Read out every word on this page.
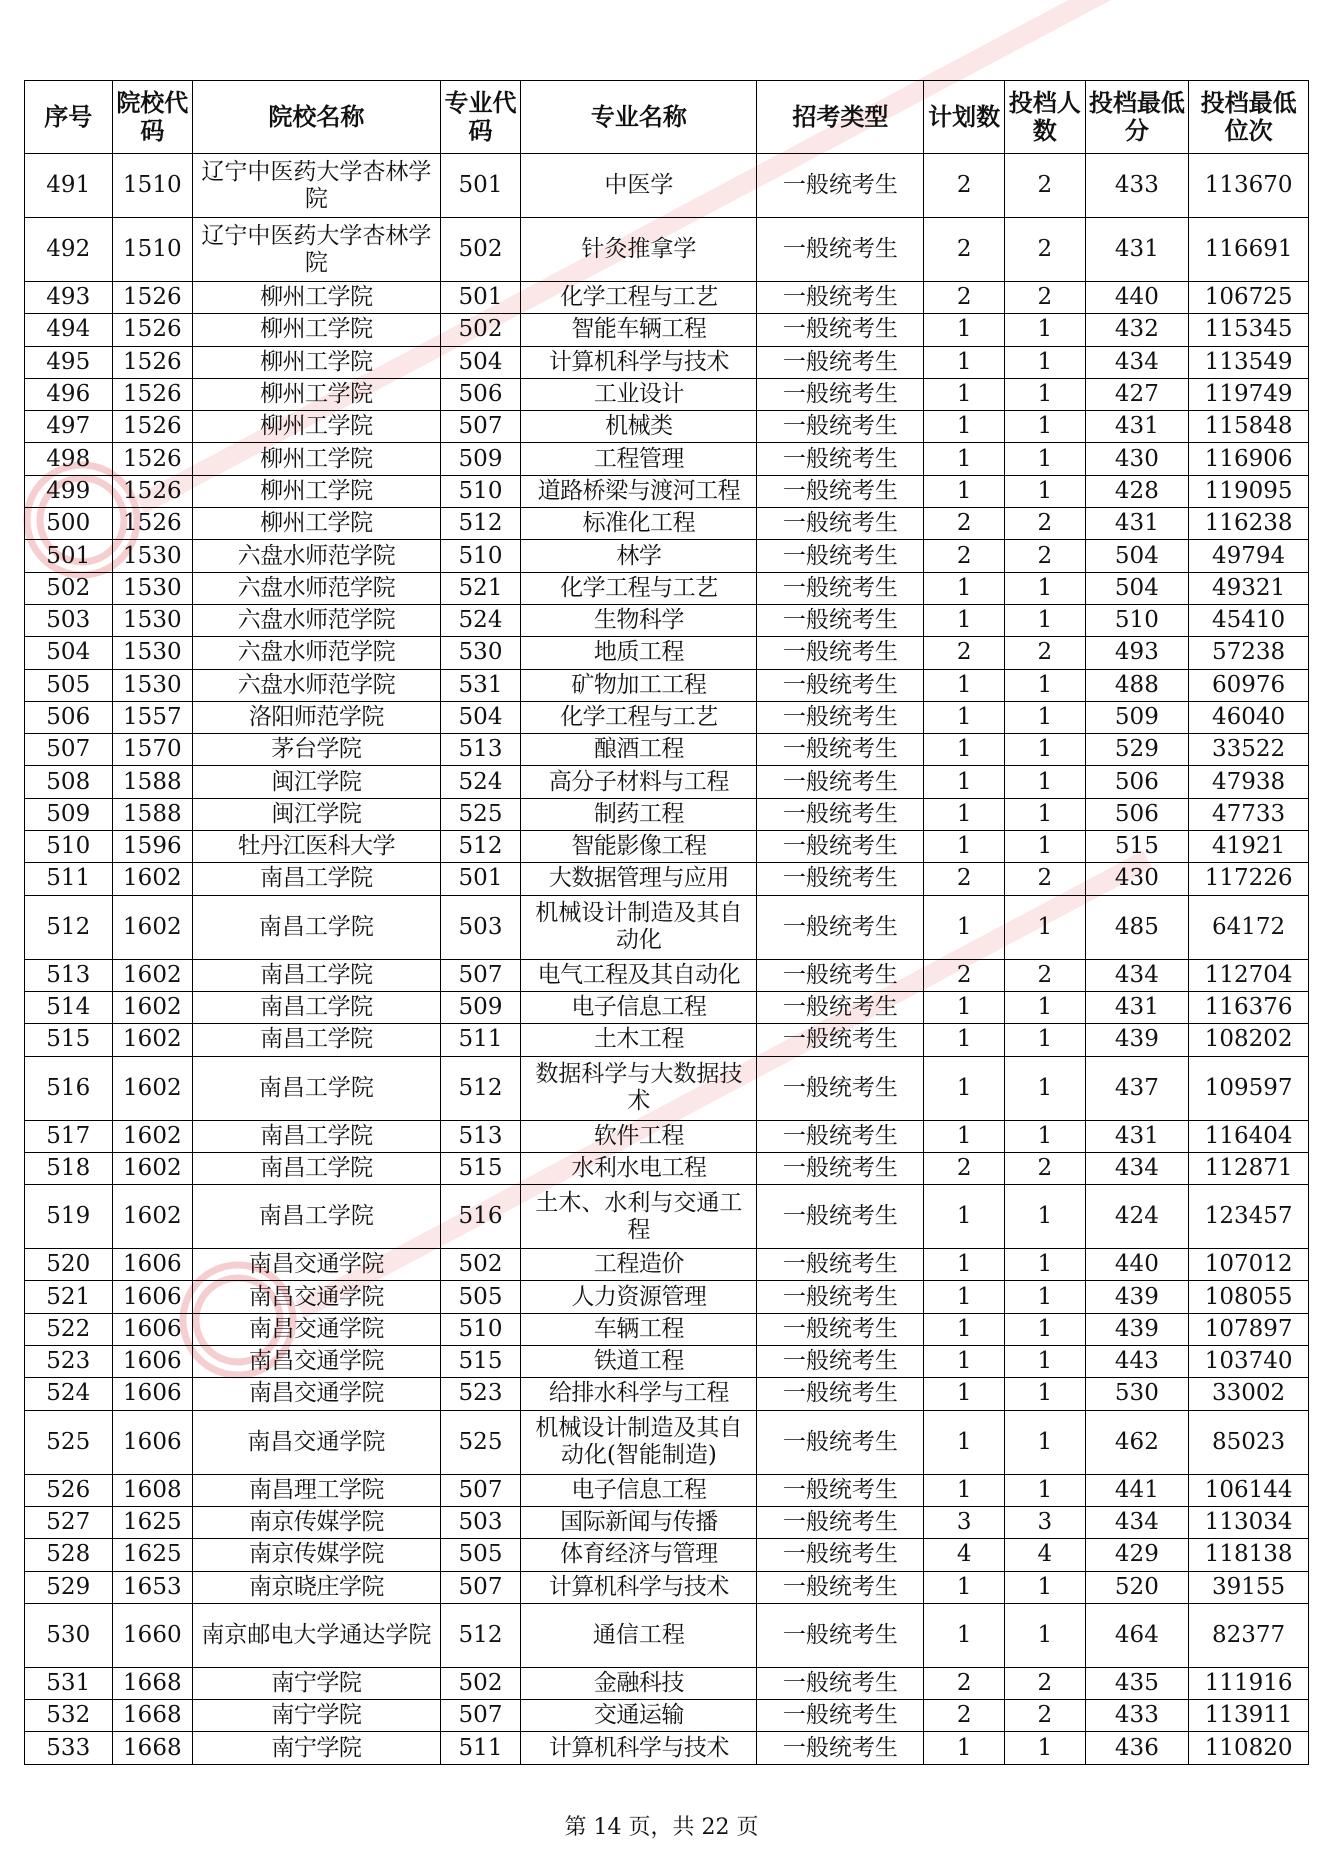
序号	院校代码	院校名称	专业代码	专业名称	招考类型	计划数	投档人数	投档最低分	投档最低位次
491	1510	辽宁中医药大学杏林学院	501	中医学	一般统考生	2	2	433	113670
492	1510	辽宁中医药大学杏林学院	502	针灸推拿学	一般统考生	2	2	431	116691
493	1526	柳州工学院	501	化学工程与工艺	一般统考生	2	2	440	106725
494	1526	柳州工学院	502	智能车辆工程	一般统考生	1	1	432	115345
495	1526	柳州工学院	504	计算机科学与技术	一般统考生	1	1	434	113549
496	1526	柳州工学院	506	工业设计	一般统考生	1	1	427	119749
497	1526	柳州工学院	507	机械类	一般统考生	1	1	431	115848
498	1526	柳州工学院	509	工程管理	一般统考生	1	1	430	116906
499	1526	柳州工学院	510	道路桥梁与渡河工程	一般统考生	1	1	428	119095
500	1526	柳州工学院	512	标准化工程	一般统考生	2	2	431	116238
501	1530	六盘水师范学院	510	林学	一般统考生	2	2	504	49794
502	1530	六盘水师范学院	521	化学工程与工艺	一般统考生	1	1	504	49321
503	1530	六盘水师范学院	524	生物科学	一般统考生	1	1	510	45410
504	1530	六盘水师范学院	530	地质工程	一般统考生	2	2	493	57238
505	1530	六盘水师范学院	531	矿物加工工程	一般统考生	1	1	488	60976
506	1557	洛阳师范学院	504	化学工程与工艺	一般统考生	1	1	509	46040
507	1570	茅台学院	513	酿酒工程	一般统考生	1	1	529	33522
508	1588	闽江学院	524	高分子材料与工程	一般统考生	1	1	506	47938
509	1588	闽江学院	525	制药工程	一般统考生	1	1	506	47733
510	1596	牡丹江医科大学	512	智能影像工程	一般统考生	1	1	515	41921
511	1602	南昌工学院	501	大数据管理与应用	一般统考生	2	2	430	117226
512	1602	南昌工学院	503	机械设计制造及其自动化	一般统考生	1	1	485	64172
513	1602	南昌工学院	507	电气工程及其自动化	一般统考生	2	2	434	112704
514	1602	南昌工学院	509	电子信息工程	一般统考生	1	1	431	116376
515	1602	南昌工学院	511	土木工程	一般统考生	1	1	439	108202
516	1602	南昌工学院	512	数据科学与大数据技术	一般统考生	1	1	437	109597
517	1602	南昌工学院	513	软件工程	一般统考生	1	1	431	116404
518	1602	南昌工学院	515	水利水电工程	一般统考生	2	2	434	112871
519	1602	南昌工学院	516	土木、水利与交通工程	一般统考生	1	1	424	123457
520	1606	南昌交通学院	502	工程造价	一般统考生	1	1	440	107012
521	1606	南昌交通学院	505	人力资源管理	一般统考生	1	1	439	108055
522	1606	南昌交通学院	510	车辆工程	一般统考生	1	1	439	107897
523	1606	南昌交通学院	515	铁道工程	一般统考生	1	1	443	103740
524	1606	南昌交通学院	523	给排水科学与工程	一般统考生	1	1	530	33002
525	1606	南昌交通学院	525	机械设计制造及其自动化(智能制造)	一般统考生	1	1	462	85023
526	1608	南昌理工学院	507	电子信息工程	一般统考生	1	1	441	106144
527	1625	南京传媒学院	503	国际新闻与传播	一般统考生	3	3	434	113034
528	1625	南京传媒学院	505	体育经济与管理	一般统考生	4	4	429	118138
529	1653	南京晓庄学院	507	计算机科学与技术	一般统考生	1	1	520	39155
530	1660	南京邮电大学通达学院	512	通信工程	一般统考生	1	1	464	82377
531	1668	南宁学院	502	金融科技	一般统考生	2	2	435	111916
532	1668	南宁学院	507	交通运输	一般统考生	2	2	433	113911
533	1668	南宁学院	511	计算机科学与技术	一般统考生	1	1	436	110820
第 14 页，共 22 页
